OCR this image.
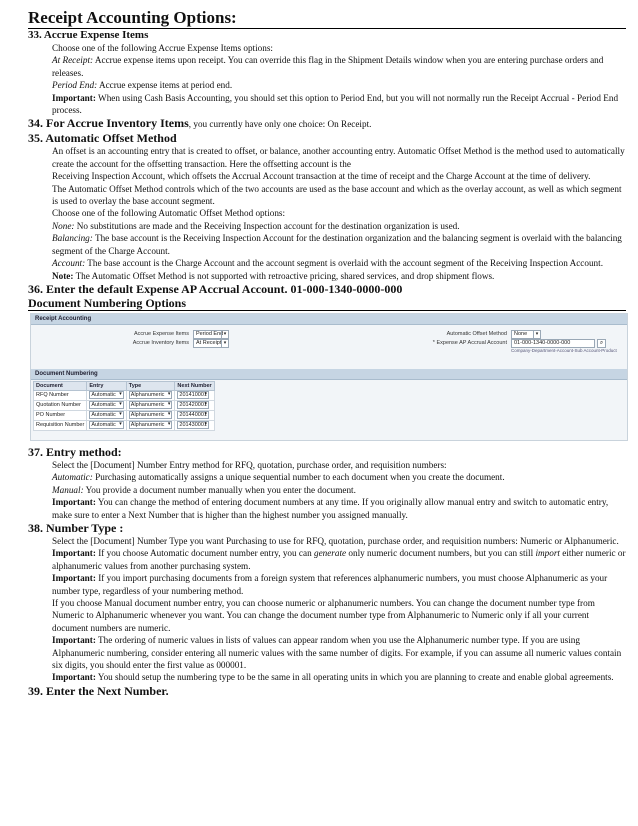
Receipt Accounting Options:
33. Accrue Expense Items

Choose one of the following Accrue Expense Items options:

At Receipt: Accrue expense items upon receipt. You can override this flag in the Shipment Details window when you are entering purchase orders and releases.

Period End: Accrue expense items at period end.

Important: When using Cash Basis Accounting, you should set this option to Period End, but you will not normally run the Receipt Accrual - Period End process.

34. For Accrue Inventory Items, you currently have only one choice: On Receipt.
35. Automatic Offset Method

An offset is an accounting entry that is created to offset, or balance, another accounting entry. Automatic Offset Method is the method used to automatically create the account for the offsetting transaction. Here the offsetting account is the

Receiving Inspection Account, which offsets the Accrual Account transaction at the time of receipt and the Charge Account at the time of delivery.

The Automatic Offset Method controls which of the two accounts are used as the base account and which as the overlay account, as well as which segment is used to overlay the base account segment.

Choose one of the following Automatic Offset Method options:

None: No substitutions are made and the Receiving Inspection account for the destination organization is used.

Balancing: The base account is the Receiving Inspection Account for the destination organization and the balancing segment is overlaid with the balancing segment of the Charge Account.

Account: The base account is the Charge Account and the account segment is overlaid with the account segment of the Receiving Inspection Account.

Note: The Automatic Offset Method is not supported with retroactive pricing, shared services, and drop shipment flows.

36. Enter the default Expense AP Accrual Account. 01-000-1340-0000-000
Document Numbering Options
Receipt Accounting
Accrue Expense Items	Period End ▾
Accrue Inventory Items	At Receipt ▾
Automatic Offset Method	None	▾
* Expense AP Accrual Account	01-000-1340-0000-000	⌕
Company-Department-Account-Sub Account-Product
Document Numbering
Document	Entry	Type	Next Number
RFQ Number	Automatic ▾	Alphanumeric ▾	201410001 ▾
Quotation Number	Automatic ▾	Alphanumeric ▾	201420001 ▾
PO Number	Automatic ▾	Alphanumeric ▾	201440001 ▾
Requisition Number	Automatic ▾	Alphanumeric ▾	201430001 ▾
37. Entry method:

Select the [Document] Number Entry method for RFQ, quotation, purchase order, and requisition numbers:

Automatic: Purchasing automatically assigns a unique sequential number to each document when you create the document.

Manual: You provide a document number manually when you enter the document.

Important: You can change the method of entering document numbers at any time. If you originally allow manual entry and switch to automatic entry, make sure to enter a Next Number that is higher than the highest number you assigned manually.

38. Number Type :

Select the [Document] Number Type you want Purchasing to use for RFQ, quotation, purchase order, and requisition numbers: Numeric or Alphanumeric.

Important: If you choose Automatic document number entry, you can generate only numeric document numbers, but you can still import either numeric or alphanumeric values from another purchasing system.

Important: If you import purchasing documents from a foreign system that references alphanumeric numbers, you must choose Alphanumeric as your number type, regardless of your numbering method.

If you choose Manual document number entry, you can choose numeric or alphanumeric numbers. You can change the document number type from Numeric to Alphanumeric whenever you want. You can change the document number type from Alphanumeric to Numeric only if all your current document numbers are numeric.

Important: The ordering of numeric values in lists of values can appear random when you use the Alphanumeric number type. If you are using Alphanumeric numbering, consider entering all numeric values with the same number of digits. For example, if you can assume all numeric values contain six digits, you should enter the first value as 000001.

Important: You should setup the numbering type to be the same in all operating units in which you are planning to create and enable global agreements.

39. Enter the Next Number.
